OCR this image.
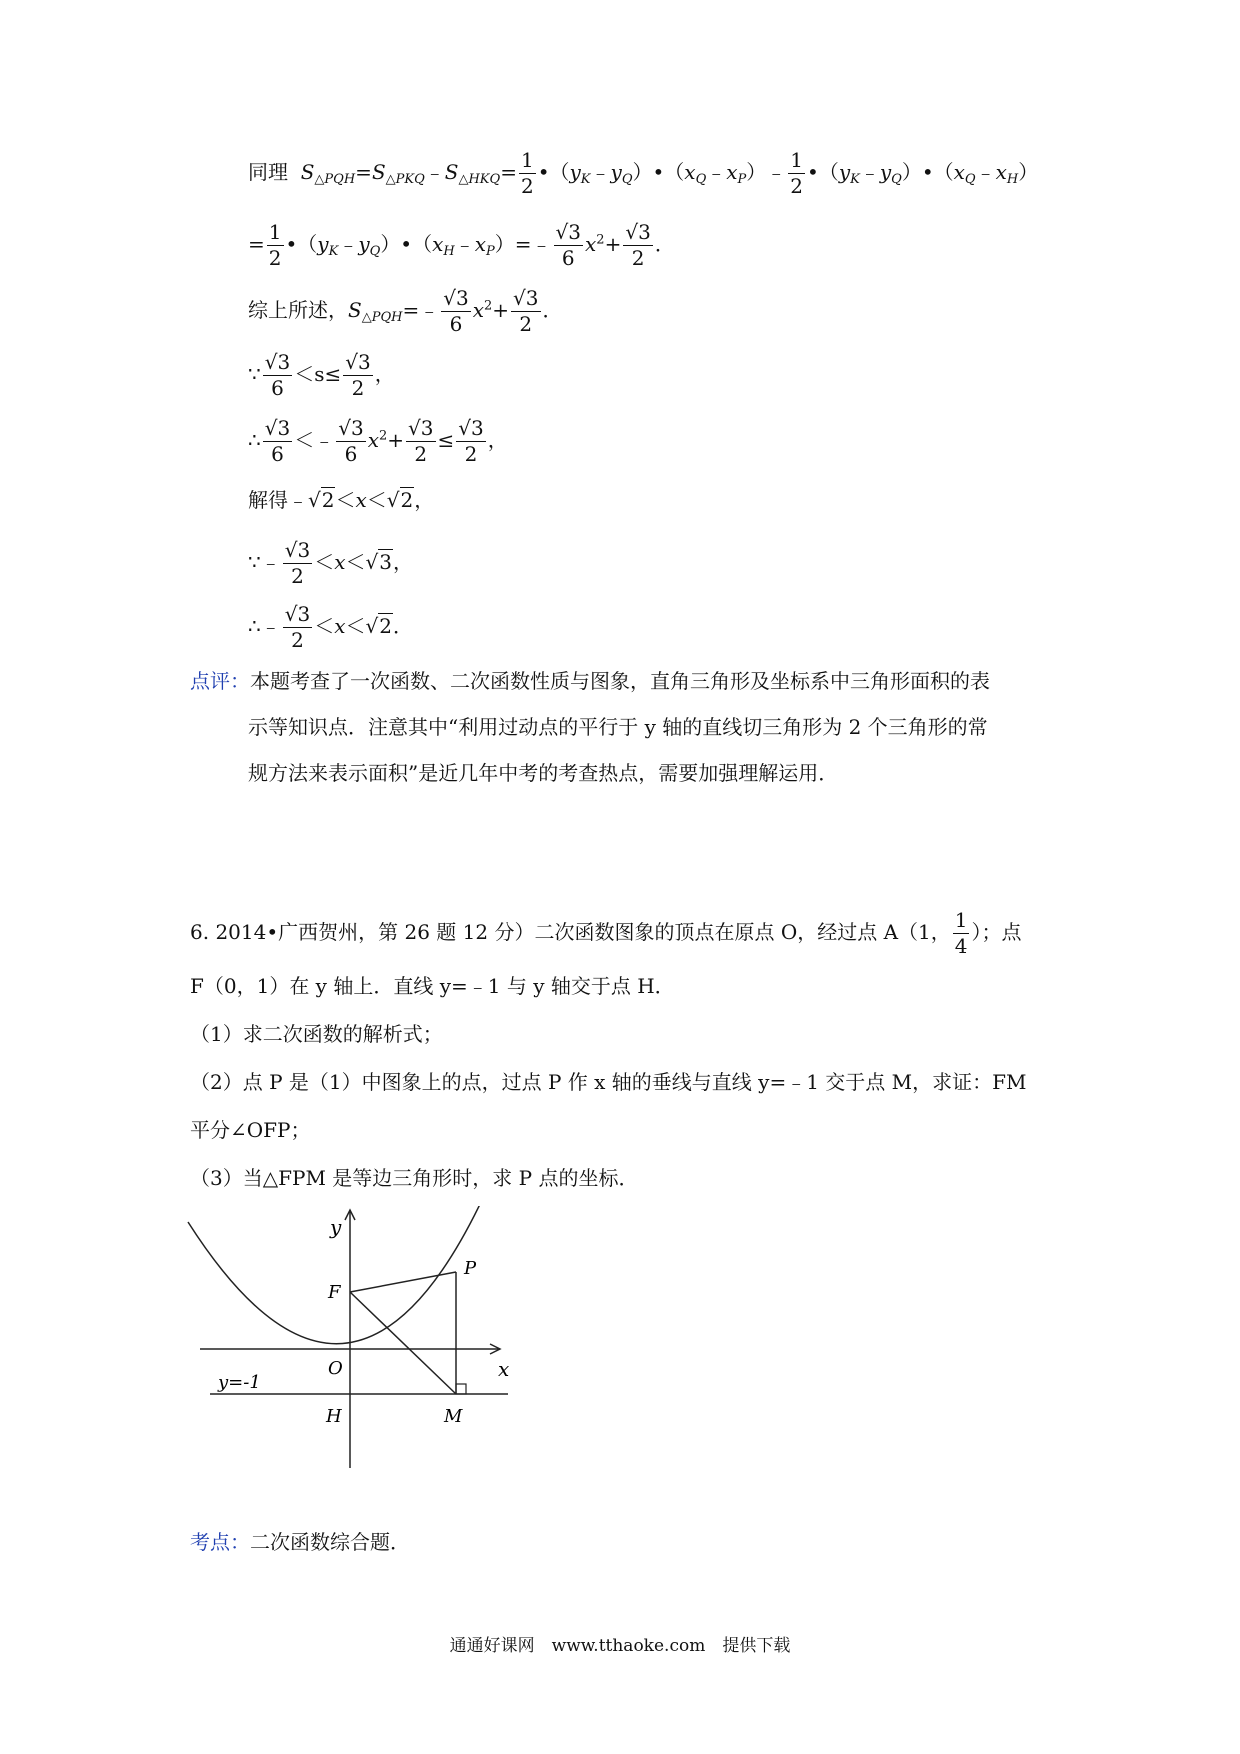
同理 $S_{\triangle PQH}=S_{\triangle PKQ}﹣S_{\triangle HKQ}= \frac{1}{2}$ $•(y_K﹣y_Q)•(x_Q﹣x_P)﹣ \frac{1}{2}$ $•(y_K﹣y_Q)•(x_Q﹣x_H)$
= $\frac{1}{2}$ $•(y_K﹣y_Q)•(x_H﹣x_P)=﹣ \frac{√3}{6} x^2+ \frac{√3}{2}$ ．
综上所述，$S_{\triangle PQH}=﹣ \frac{√3}{6} x^2+ \frac{√3}{2}$ ．
∵ $\frac{√3}{6} <s\le \frac{√3}{2}$ ，
∴ $\frac{√3}{6}$ ＜﹣ $\frac{√3}{6} x^2+ \frac{√3}{2} \le \frac{√3}{2}$ ，
解得﹣√2＜x＜√2，
∵﹣ $\frac{√3}{2} <x<√3$，
∴﹣ $\frac{√3}{2} <x<√2$．
点评：本题考查了一次函数、二次函数性质与图象，直角三角形及坐标系中三角形面积的表
示等知识点．注意其中“利用过动点的平行于 y 轴的直线切三角形为 2 个三角形的常
规方法来表示面积”是近几年中考的考查热点，需要加强理解运用．
6. 2014•广西贺州，第 26 题 12 分）二次函数图象的顶点在原点 O，经过点 A（1， $\frac{1}{4}$ ）；点
F（0，1）在 y 轴上．直线 y=﹣1 与 y 轴交于点 H．
（1）求二次函数的解析式；
（2）点 P 是（1）中图象上的点，过点 P 作 x 轴的垂线与直线 y=﹣1 交于点 M，求证：FM
平分∠OFP；
（3）当△FPM 是等边三角形时，求 P 点的坐标．
y
x
O
F
P
H	M
y=-1
考点：二次函数综合题．
通通好课网　www.tthaoke.com　提供下载
